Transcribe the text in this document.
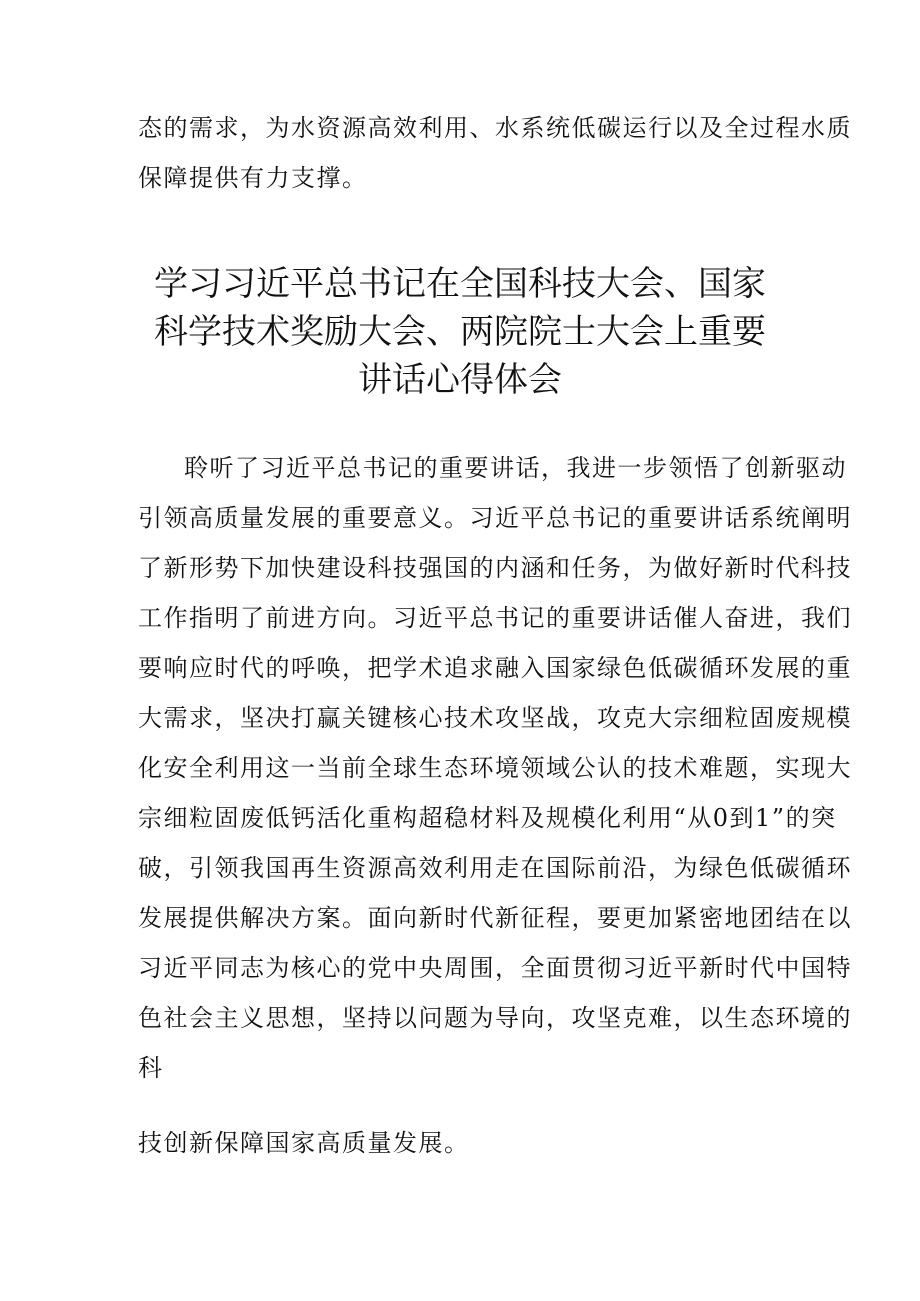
态的需求，为水资源高效利用、水系统低碳运行以及全过程水质
保障提供有力支撑。
学习习近平总书记在全国科技大会、国家
科学技术奖励大会、两院院士大会上重要
讲话心得体会
聆听了习近平总书记的重要讲话，我进一步领悟了创新驱动
引领高质量发展的重要意义。习近平总书记的重要讲话系统阐明
了新形势下加快建设科技强国的内涵和任务，为做好新时代科技
工作指明了前进方向。习近平总书记的重要讲话催人奋进，我们
要响应时代的呼唤，把学术追求融入国家绿色低碳循环发展的重
大需求，坚决打赢关键核心技术攻坚战，攻克大宗细粒固废规模
化安全利用这一当前全球生态环境领域公认的技术难题，实现大
宗细粒固废低钙活化重构超稳材料及规模化利用“从0到1”的突
破，引领我国再生资源高效利用走在国际前沿，为绿色低碳循环
发展提供解决方案。面向新时代新征程，要更加紧密地团结在以
习近平同志为核心的党中央周围，全面贯彻习近平新时代中国特
色社会主义思想，坚持以问题为导向，攻坚克难，以生态环境的
科
技创新保障国家高质量发展。
